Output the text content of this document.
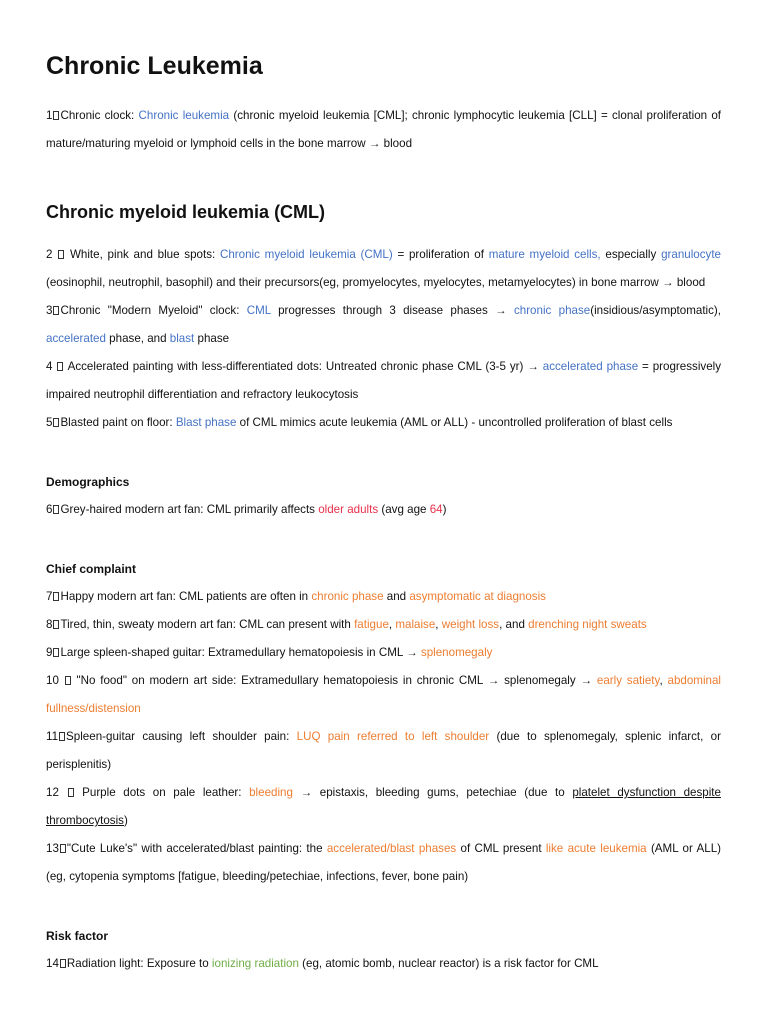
Chronic Leukemia

1 Chronic clock: Chronic leukemia (chronic myeloid leukemia [CML]; chronic lymphocytic leukemia [CLL] = clonal proliferation of mature/maturing myeloid or lymphoid cells in the bone marrow → blood

Chronic myeloid leukemia (CML)

2  White, pink and blue spots: Chronic myeloid leukemia (CML) = proliferation of mature myeloid cells, especially granulocyte (eosinophil, neutrophil, basophil) and their precursors(eg, promyelocytes, myelocytes, metamyelocytes) in bone marrow → blood

3 Chronic "Modern Myeloid" clock: CML progresses through 3 disease phases → chronic phase(insidious/asymptomatic), accelerated phase, and blast phase

4  Accelerated painting with less-differentiated dots: Untreated chronic phase CML (3-5 yr) → accelerated phase = progressively impaired neutrophil differentiation and refractory leukocytosis

5 Blasted paint on floor: Blast phase of CML mimics acute leukemia (AML or ALL) - uncontrolled proliferation of blast cells

Demographics

6 Grey-haired modern art fan: CML primarily affects older adults (avg age 64)

Chief complaint

7 Happy modern art fan: CML patients are often in chronic phase and asymptomatic at diagnosis

8 Tired, thin, sweaty modern art fan: CML can present with fatigue, malaise, weight loss, and drenching night sweats

9 Large spleen-shaped guitar: Extramedullary hematopoiesis in CML → splenomegaly

10  "No food" on modern art side: Extramedullary hematopoiesis in chronic CML → splenomegaly → early satiety, abdominal fullness/distension

11 Spleen-guitar causing left shoulder pain: LUQ pain referred to left shoulder (due to splenomegaly, splenic infarct, or perisplenitis)

12  Purple dots on pale leather: bleeding → epistaxis, bleeding gums, petechiae (due to platelet dysfunction despite thrombocytosis)

13 "Cute Luke's" with accelerated/blast painting: the accelerated/blast phases of CML present like acute leukemia (AML or ALL) (eg, cytopenia symptoms [fatigue, bleeding/petechiae, infections, fever, bone pain)

Risk factor

14 Radiation light: Exposure to ionizing radiation (eg, atomic bomb, nuclear reactor) is a risk factor for CML
